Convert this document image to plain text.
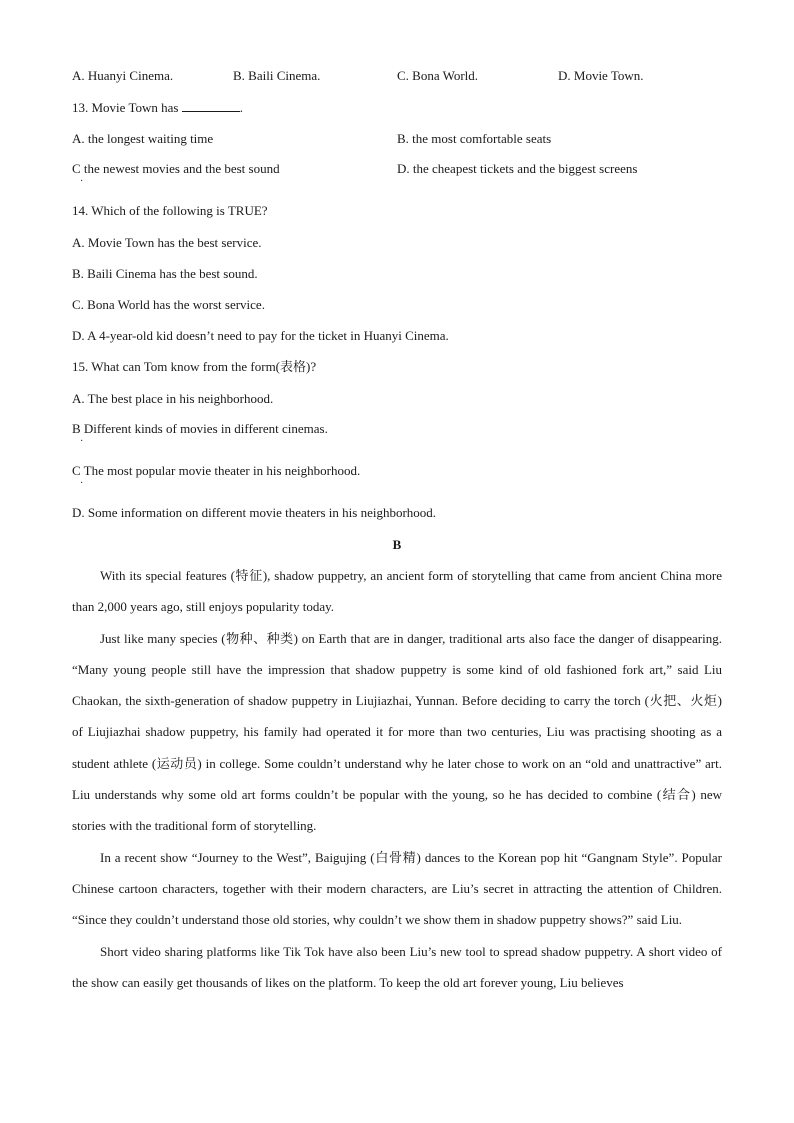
A. Huanyi Cinema.	B. Baili Cinema.	C. Bona World.	D. Movie Town.
13. Movie Town has	.
A. the longest waiting time	B. the most comfortable seats
C the newest movies and the best sound
·
D. the cheapest tickets and the biggest screens
14. Which of the following is TRUE?
A. Movie Town has the best service.
B. Baili Cinema has the best sound.
C. Bona World has the worst service.
D. A 4-year-old kid doesn’t need to pay for the ticket in Huanyi Cinema.
15. What can Tom know from the form(表格)?
A. The best place in his neighborhood.
B Different kinds of movies in different cinemas.
·
C The most popular movie theater in his neighborhood.
·
D. Some information on different movie theaters in his neighborhood.
B

With its special features (特征), shadow puppetry, an ancient form of storytelling that came from ancient China more than 2,000 years ago, still enjoys popularity today.

Just like many species (物种、种类) on Earth that are in danger, traditional arts also face the danger of disappearing. “Many young people still have the impression that shadow puppetry is some kind of old fashioned fork art,” said Liu Chaokan, the sixth-generation of shadow puppetry in Liujiazhai, Yunnan. Before deciding to carry the torch (火把、火炬) of Liujiazhai shadow puppetry, his family had operated it for more than two centuries, Liu was practising shooting as a student athlete (运动员) in college. Some couldn’t understand why he later chose to work on an “old and unattractive” art. Liu understands why some old art forms couldn’t be popular with the young, so he has decided to combine (结合) new stories with the traditional form of storytelling.

In a recent show “Journey to the West”, Baigujing (白骨精) dances to the Korean pop hit “Gangnam Style”. Popular Chinese cartoon characters, together with their modern characters, are Liu’s secret in attracting the attention of Children. “Since they couldn’t understand those old stories, why couldn’t we show them in shadow puppetry shows?” said Liu.

Short video sharing platforms like Tik Tok have also been Liu’s new tool to spread shadow puppetry. A short video of the show can easily get thousands of likes on the platform. To keep the old art forever young, Liu believes
